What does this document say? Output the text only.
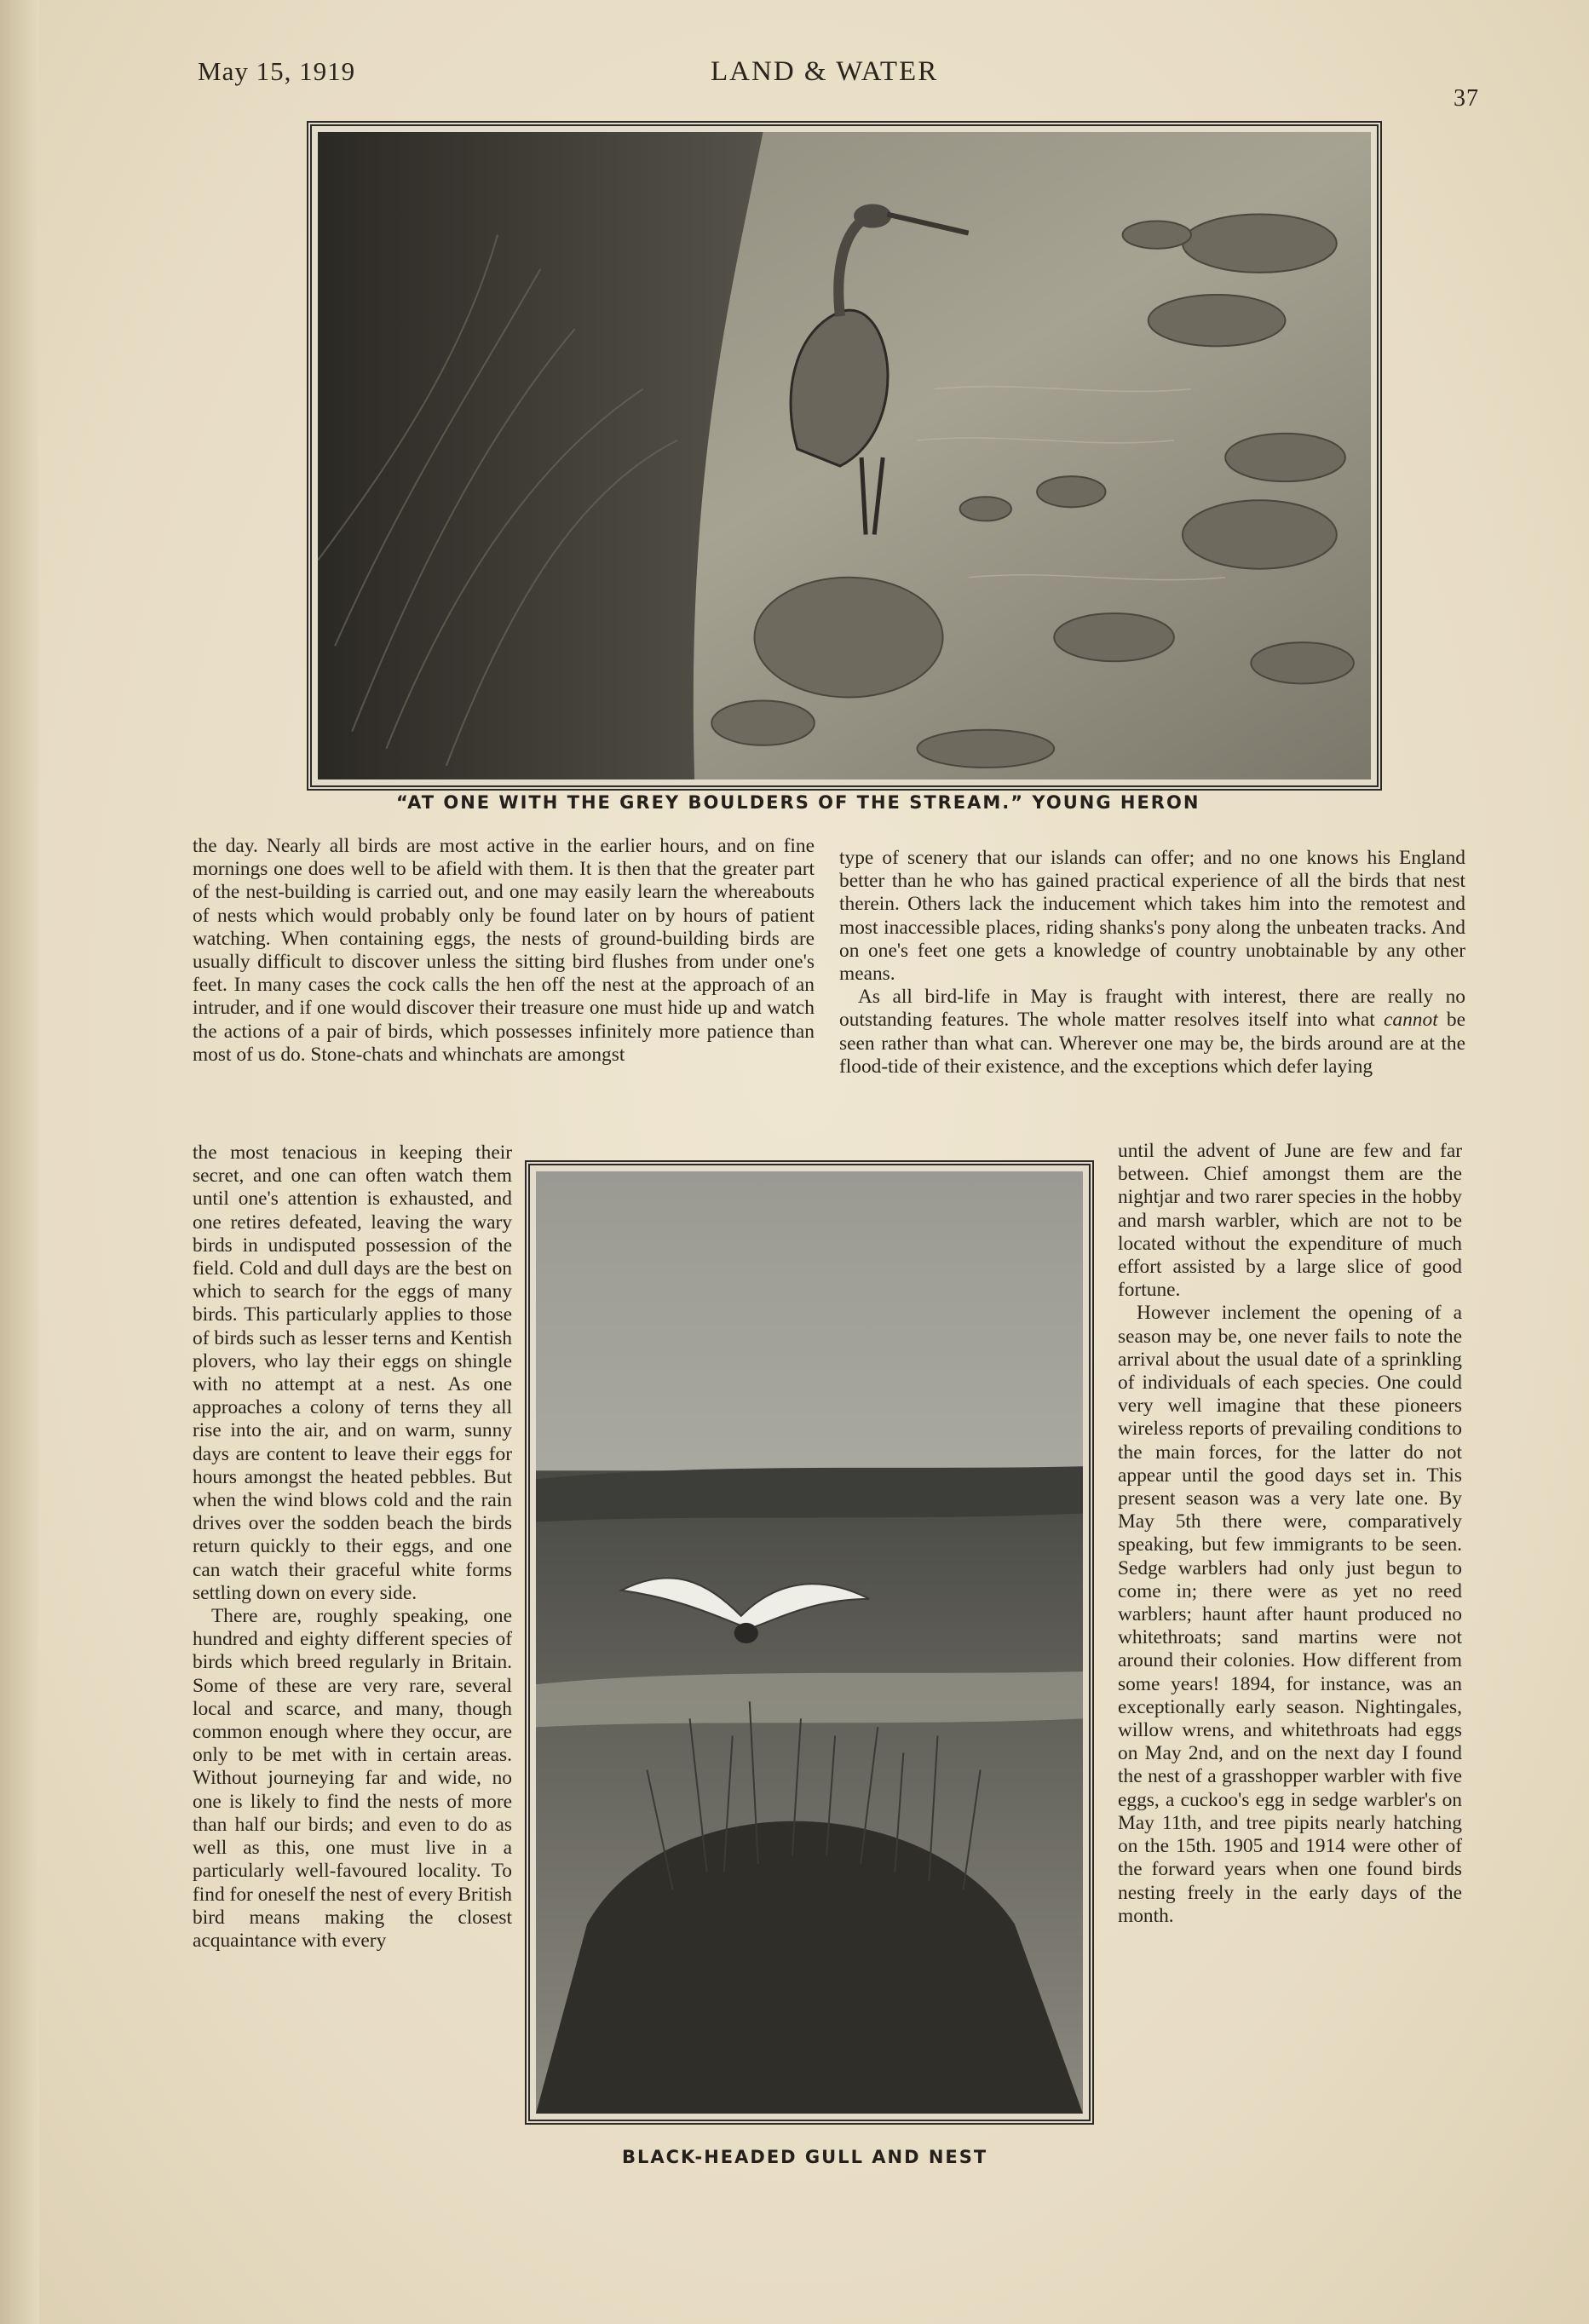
May 15, 1919	LAND & WATER
37
“AT ONE WITH THE GREY BOULDERS OF THE STREAM.” YOUNG HERON

the day. Nearly all birds are most active in the earlier hours, and on fine mornings one does well to be afield with them. It is then that the greater part of the nest-building is carried out, and one may easily learn the whereabouts of nests which would probably only be found later on by hours of patient watching. When containing eggs, the nests of ground-building birds are usually difficult to discover unless the sitting bird flushes from under one's feet. In many cases the cock calls the hen off the nest at the approach of an intruder, and if one would discover their treasure one must hide up and watch the actions of a pair of birds, which possesses infinitely more patience than most of us do. Stone-chats and whinchats are amongst

the most tenacious in keeping their secret, and one can often watch them until one's attention is exhausted, and one retires defeated, leaving the wary birds in undisputed possession of the field. Cold and dull days are the best on which to search for the eggs of many birds. This particularly applies to those of birds such as lesser terns and Kentish plovers, who lay their eggs on shingle with no attempt at a nest. As one approaches a colony of terns they all rise into the air, and on warm, sunny days are content to leave their eggs for hours amongst the heated pebbles. But when the wind blows cold and the rain drives over the sodden beach the birds return quickly to their eggs, and one can watch their graceful white forms settling down on every side.

There are, roughly speaking, one hundred and eighty different species of birds which breed regularly in Britain. Some of these are very rare, several local and scarce, and many, though common enough where they occur, are only to be met with in certain areas. Without journeying far and wide, no one is likely to find the nests of more than half our birds; and even to do as well as this, one must live in a particularly well-favoured locality. To find for oneself the nest of every British bird means making the closest acquaintance with every

type of scenery that our islands can offer; and no one knows his England better than he who has gained practical experience of all the birds that nest therein. Others lack the inducement which takes him into the remotest and most inaccessible places, riding shanks's pony along the unbeaten tracks. And on one's feet one gets a knowledge of country unobtainable by any other means.

As all bird-life in May is fraught with interest, there are really no outstanding features. The whole matter resolves itself into what cannot be seen rather than what can. Wherever one may be, the birds around are at the flood-tide of their existence, and the exceptions which defer laying

until the advent of June are few and far between. Chief amongst them are the nightjar and two rarer species in the hobby and marsh warbler, which are not to be located without the expenditure of much effort assisted by a large slice of good fortune.

However inclement the opening of a season may be, one never fails to note the arrival about the usual date of a sprinkling of individuals of each species. One could very well imagine that these pioneers wireless reports of prevailing conditions to the main forces, for the latter do not appear until the good days set in. This present season was a very late one. By May 5th there were, comparatively speaking, but few immigrants to be seen. Sedge warblers had only just begun to come in; there were as yet no reed warblers; haunt after haunt produced no whitethroats; sand martins were not around their colonies. How different from some years! 1894, for instance, was an exceptionally early season. Nightingales, willow wrens, and whitethroats had eggs on May 2nd, and on the next day I found the nest of a grasshopper warbler with five eggs, a cuckoo's egg in sedge warbler's on May 11th, and tree pipits nearly hatching on the 15th. 1905 and 1914 were other of the forward years when one found birds nesting freely in the early days of the month.

BLACK-HEADED GULL AND NEST
